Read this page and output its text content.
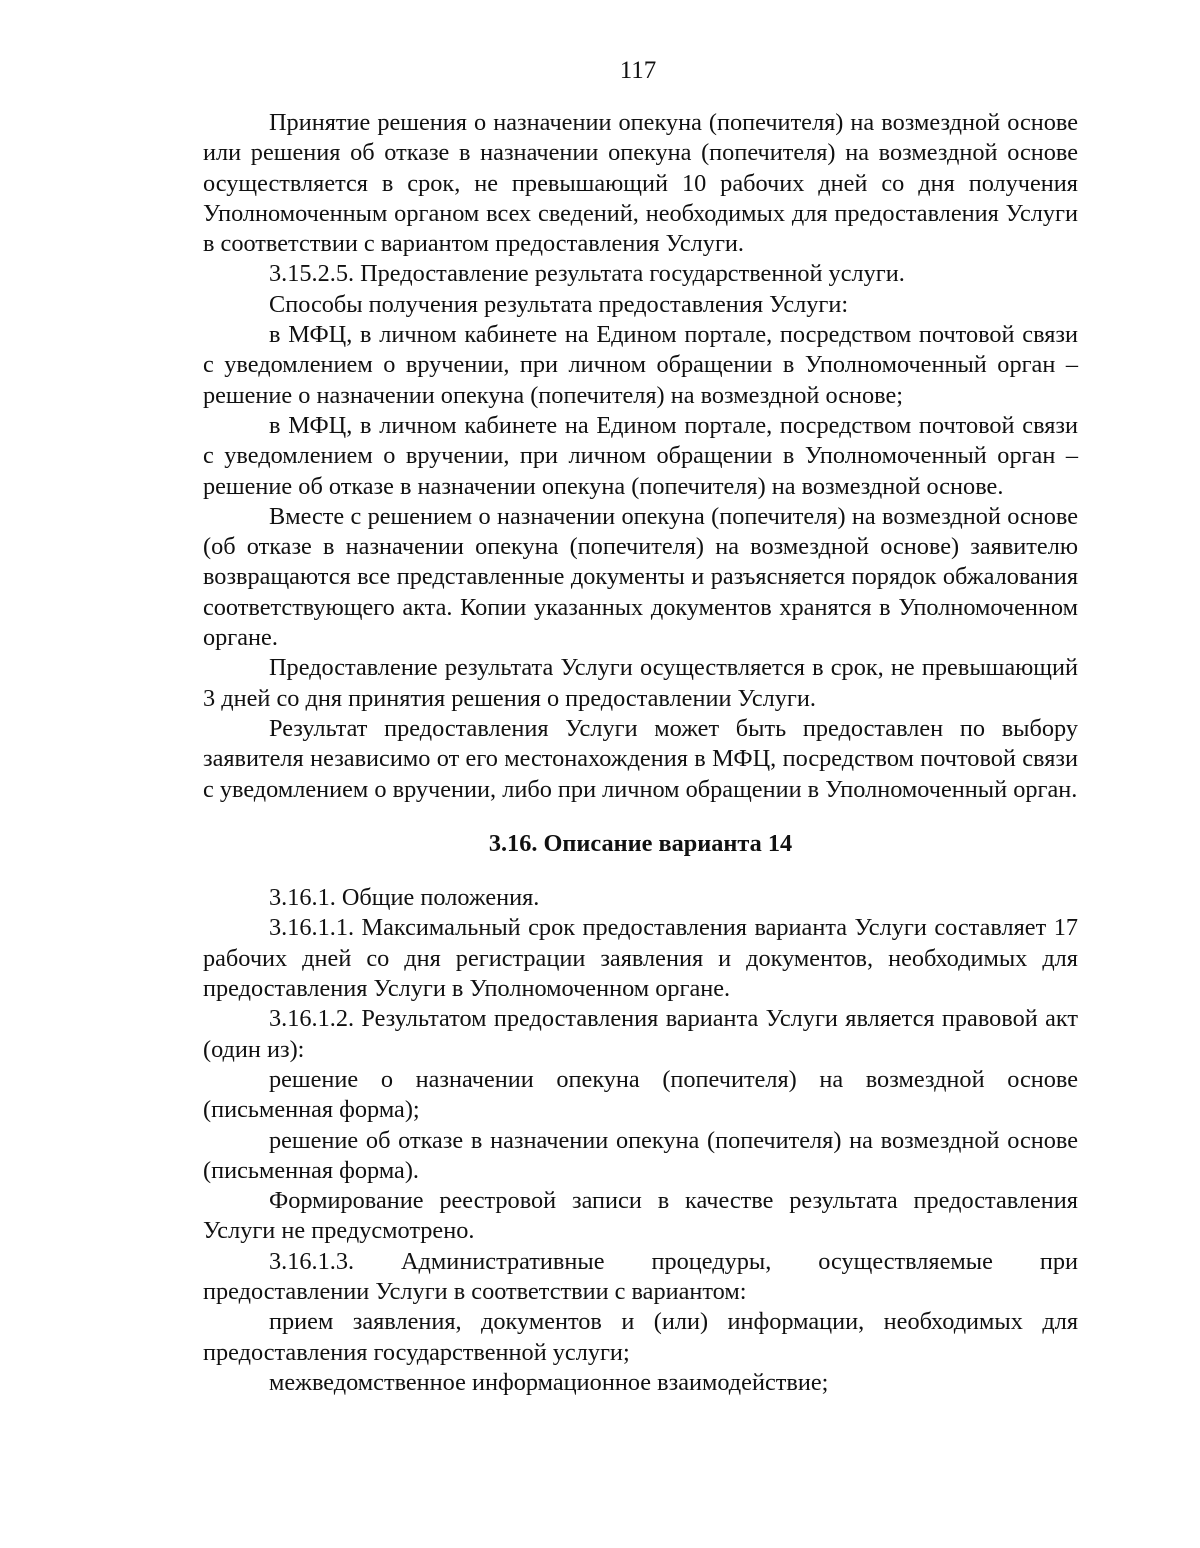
117

Принятие решения о назначении опекуна (попечителя) на возмездной основе или решения об отказе в назначении опекуна (попечителя) на возмездной основе осуществляется в срок, не превышающий 10 рабочих дней со дня получения Уполномоченным органом всех сведений, необходимых для предоставления Услуги в соответствии с вариантом предоставления Услуги.

3.15.2.5. Предоставление результата государственной услуги.

Способы получения результата предоставления Услуги:

в МФЦ, в личном кабинете на Едином портале, посредством почтовой связи с уведомлением о вручении, при личном обращении в Уполномоченный орган – решение о назначении опекуна (попечителя) на возмездной основе;

в МФЦ, в личном кабинете на Едином портале, посредством почтовой связи с уведомлением о вручении, при личном обращении в Уполномоченный орган – решение об отказе в назначении опекуна (попечителя) на возмездной основе.

Вместе с решением о назначении опекуна (попечителя) на возмездной основе (об отказе в назначении опекуна (попечителя) на возмездной основе) заявителю возвращаются все представленные документы и разъясняется порядок обжалования соответствующего акта. Копии указанных документов хранятся в Уполномоченном органе.

Предоставление результата Услуги осуществляется в срок, не превышающий 3 дней со дня принятия решения о предоставлении Услуги.

Результат предоставления Услуги может быть предоставлен по выбору заявителя независимо от его местонахождения в МФЦ, посредством почтовой связи с уведомлением о вручении, либо при личном обращении в Уполномоченный орган.

3.16. Описание варианта 14

3.16.1. Общие положения.

3.16.1.1. Максимальный срок предоставления варианта Услуги составляет 17 рабочих дней со дня регистрации заявления и документов, необходимых для предоставления Услуги в Уполномоченном органе.

3.16.1.2. Результатом предоставления варианта Услуги является правовой акт (один из):

решение о назначении опекуна (попечителя) на возмездной основе (письменная форма);

решение об отказе в назначении опекуна (попечителя) на возмездной основе (письменная форма).

Формирование реестровой записи в качестве результата предоставления Услуги не предусмотрено.

3.16.1.3. Административные процедуры, осуществляемые при предоставлении Услуги в соответствии с вариантом:

прием заявления, документов и (или) информации, необходимых для предоставления государственной услуги;

межведомственное информационное взаимодействие;
